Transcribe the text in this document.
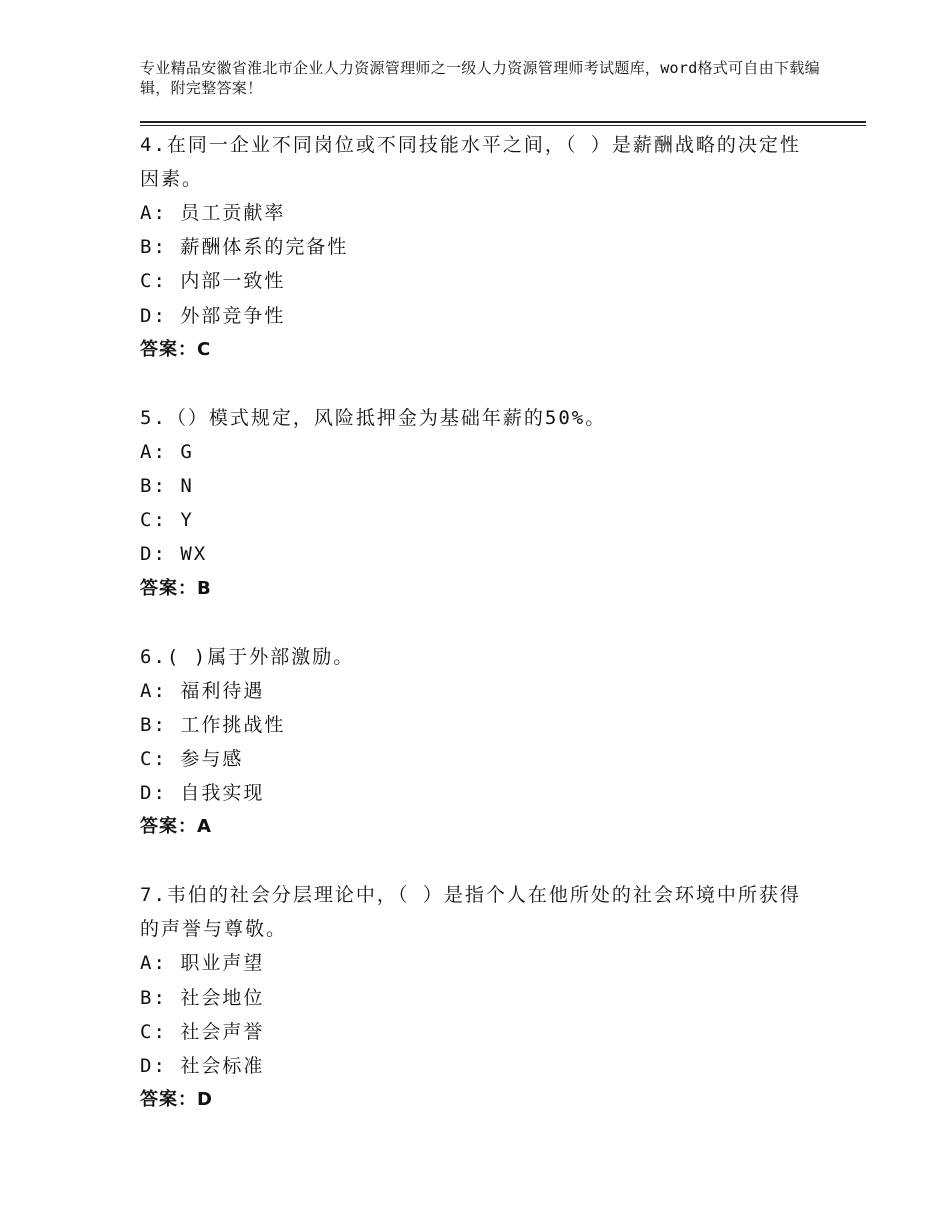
专业精品安徽省淮北市企业人力资源管理师之一级人力资源管理师考试题库，word格式可自由下载编辑，附完整答案！
4.在同一企业不同岗位或不同技能水平之间，（ ）是薪酬战略的决定性因素。
A: 员工贡献率
B: 薪酬体系的完备性
C: 内部一致性
D: 外部竞争性
答案：C
5.（）模式规定，风险抵押金为基础年薪的50%。
A: G
B: N
C: Y
D: WX
答案：B
6.( )属于外部激励。
A: 福利待遇
B: 工作挑战性
C: 参与感
D: 自我实现
答案：A
7.韦伯的社会分层理论中，（ ）是指个人在他所处的社会环境中所获得的声誉与尊敬。
A: 职业声望
B: 社会地位
C: 社会声誉
D: 社会标准
答案：D
